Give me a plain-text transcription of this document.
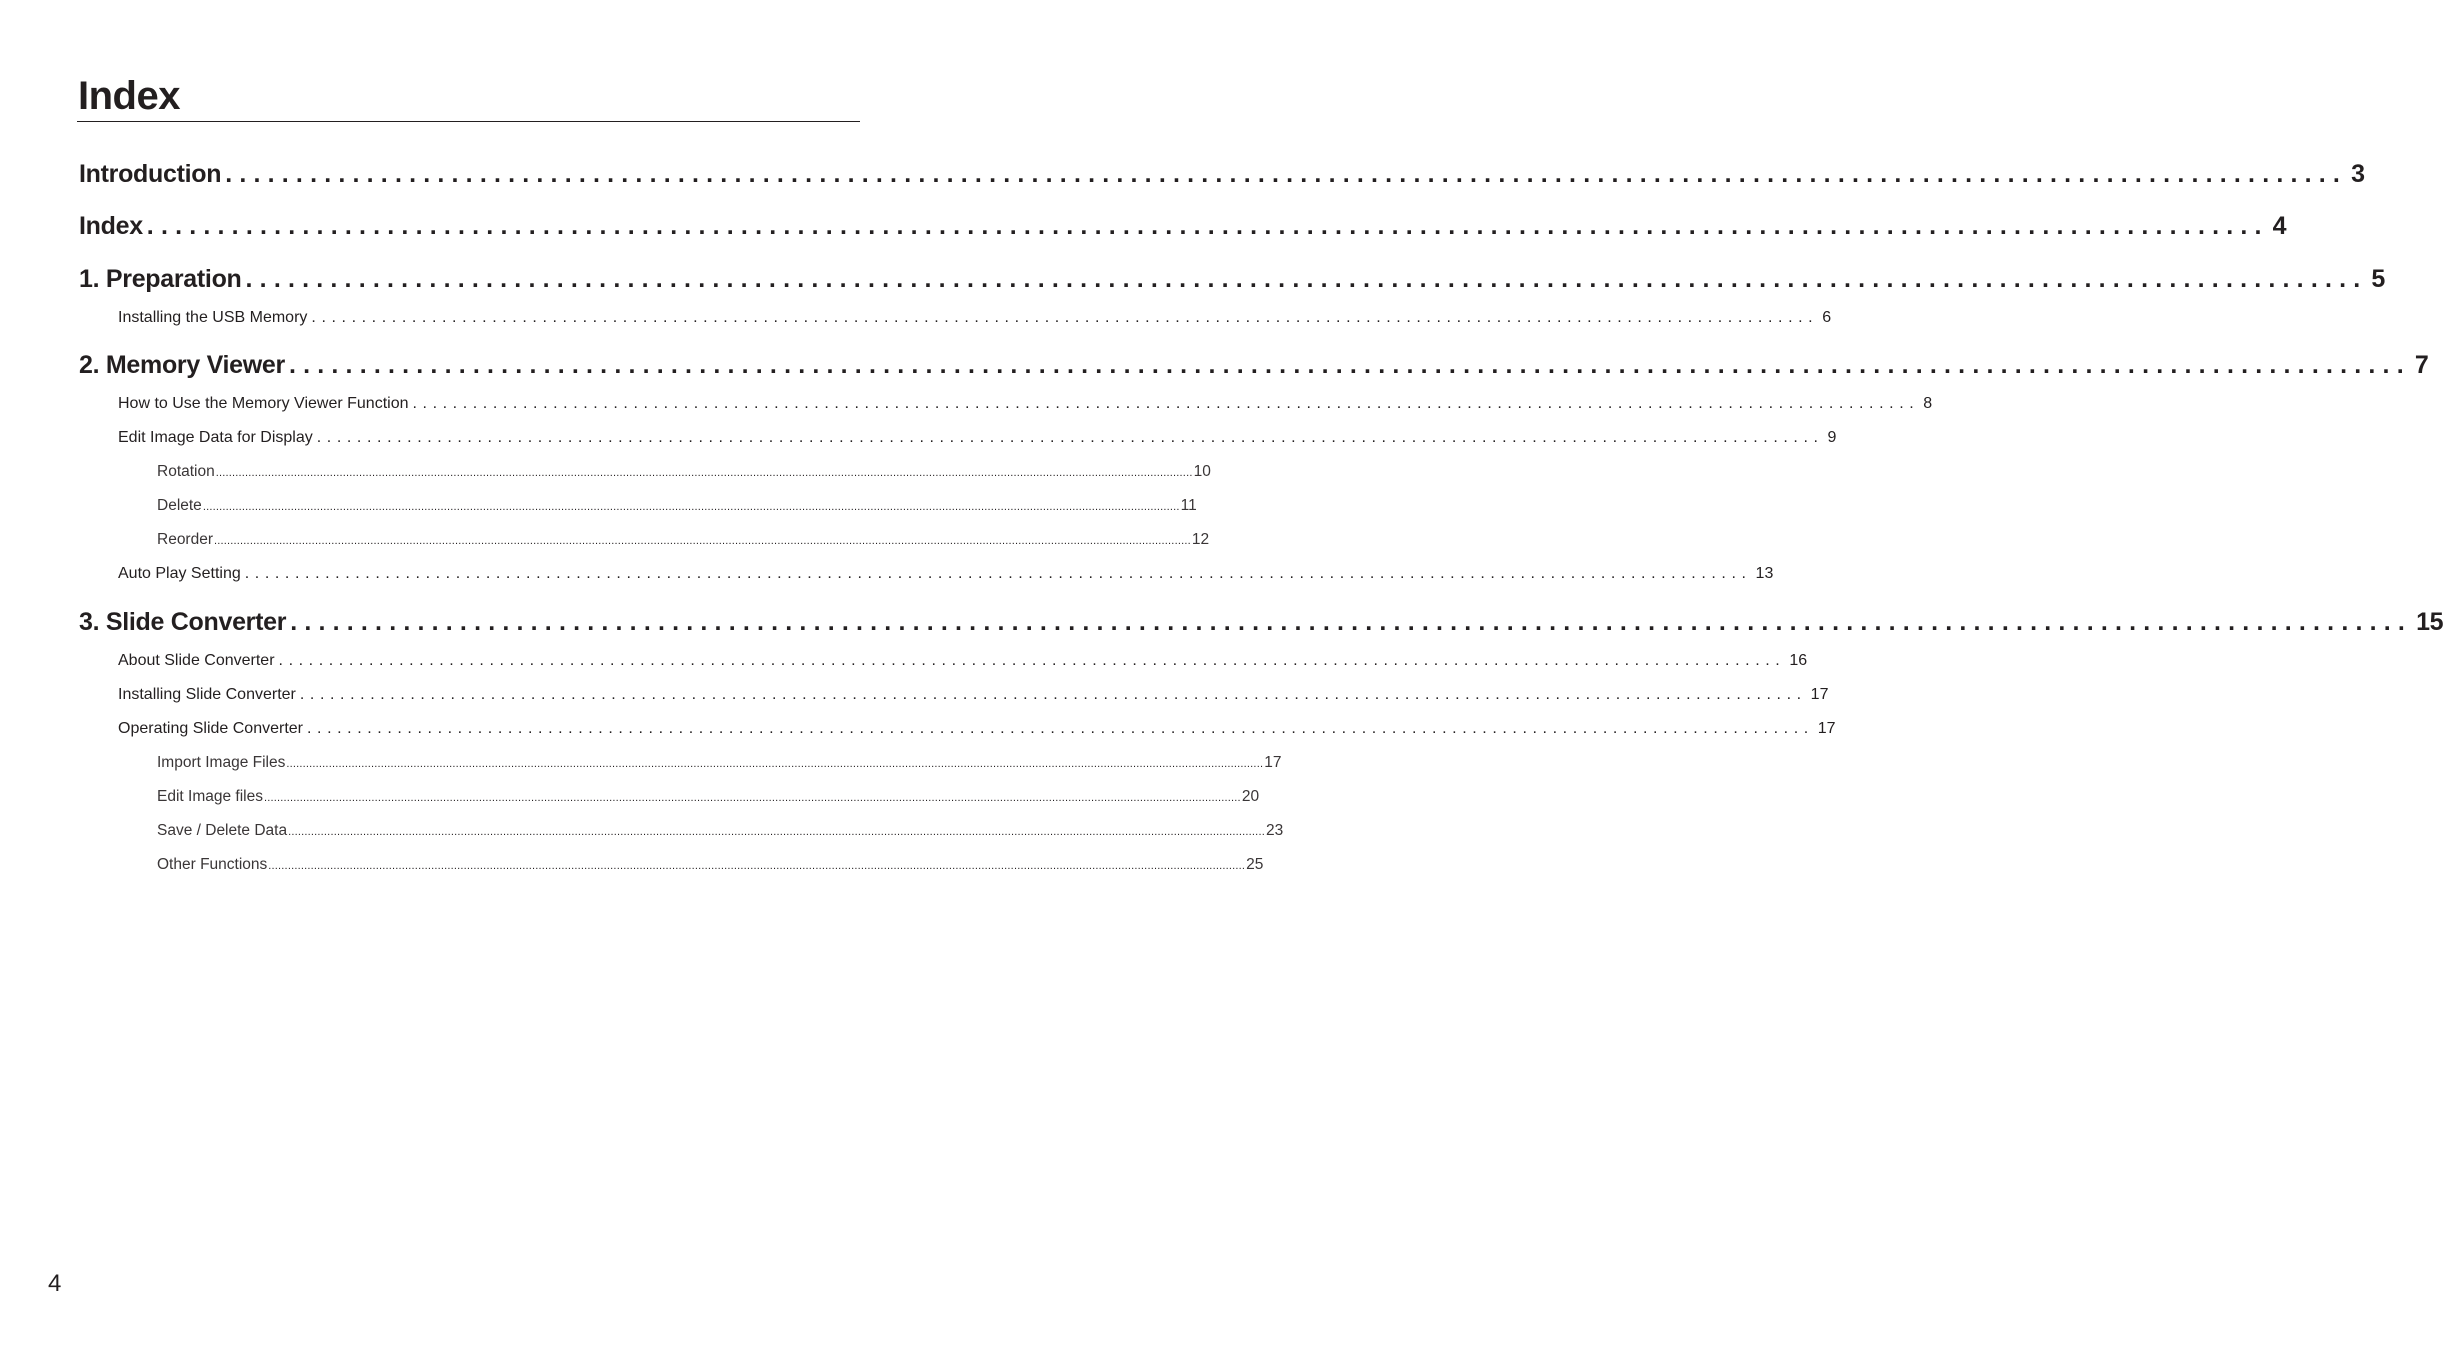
Index
Introduction ...................................................................................................................................................... 3
Index ...................................................................................................................................................... 4
1. Preparation ...................................................................................................................................................... 5
Installing the USB Memory ...................................................................................................................................................... 6
2. Memory Viewer ...................................................................................................................................................... 7
How to Use the Memory Viewer Function ...................................................................................................................................................... 8
Edit Image Data for Display ...................................................................................................................................................... 9
Rotation ............................................................................................................................................................................................................................................................................................................ 10
Delete ............................................................................................................................................................................................................................................................................................................ 11
Reorder ............................................................................................................................................................................................................................................................................................................ 12
Auto Play Setting ...................................................................................................................................................... 13
3. Slide Converter ...................................................................................................................................................... 15
About Slide Converter ...................................................................................................................................................... 16
Installing Slide Converter ...................................................................................................................................................... 17
Operating Slide Converter ...................................................................................................................................................... 17
Import Image Files ............................................................................................................................................................................................................................................................................................................ 17
Edit Image files ............................................................................................................................................................................................................................................................................................................ 20
Save / Delete Data ............................................................................................................................................................................................................................................................................................................ 23
Other Functions ............................................................................................................................................................................................................................................................................................................ 25
4
